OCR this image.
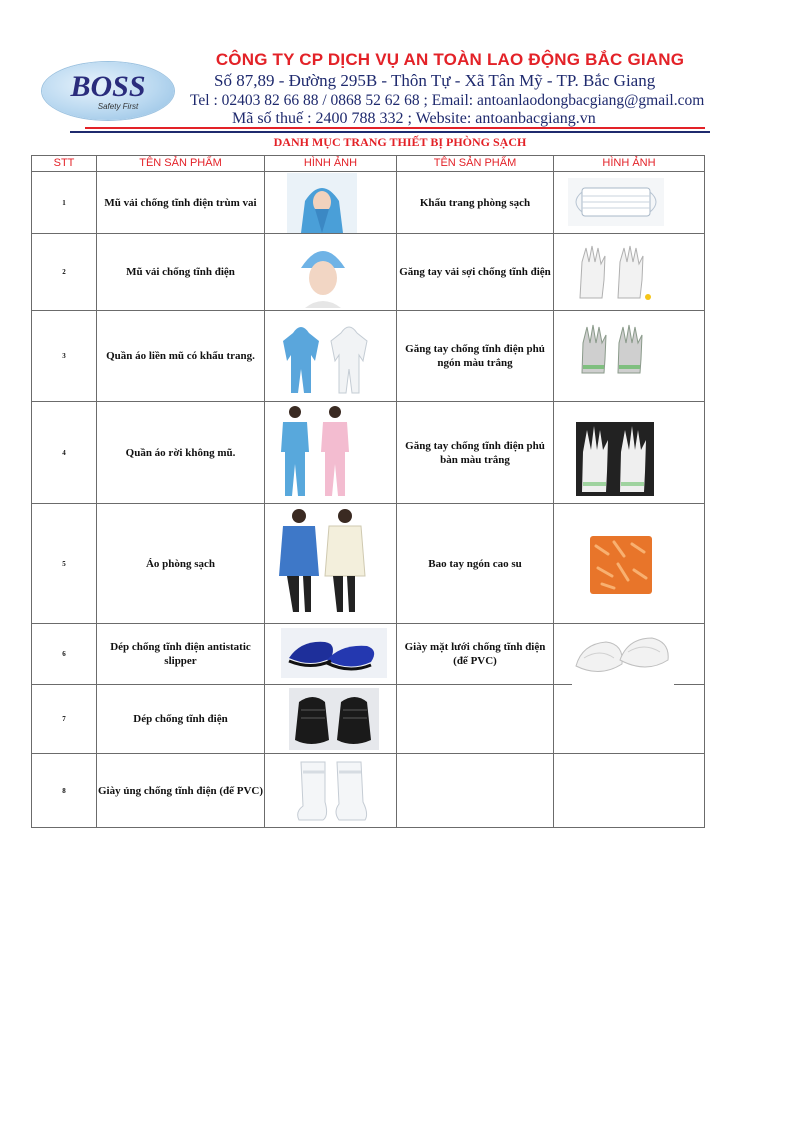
BOSS
Safety First
CÔNG TY CP DỊCH VỤ AN TOÀN LAO ĐỘNG BẮC GIANG
Số 87,89 - Đường 295B - Thôn Tự - Xã Tân Mỹ - TP. Bắc Giang
Tel : 02403 82 66 88 / 0868 52 62 68 ; Email: antoanlaodongbacgiang@gmail.com
Mã số thuế : 2400 788 332 ; Website: antoanbacgiang.vn
DANH MỤC TRANG THIẾT BỊ PHÒNG SẠCH
STT	TÊN SẢN PHẨM	HÌNH ẢNH	TÊN SẢN PHẨM	HÌNH ẢNH
1	Mũ vải chống tĩnh điện trùm vai		Khẩu trang phòng sạch	

2	Mũ vải chống tĩnh điện		Găng tay vải sợi chống tĩnh điện	

3	Quần áo liền mũ có khẩu trang.		Găng tay chống tĩnh điện phủ ngón màu trắng	

4	Quần áo rời không mũ.		Găng tay chống tĩnh điện phủ bàn màu trắng	

5	Áo phòng sạch		Bao tay ngón cao su	

6	Dép chống tĩnh điện antistatic slipper		Giày mặt lưới chống tĩnh điện (đế PVC)	

7	Dép chống tĩnh điện	

8	Giày ủng chống tĩnh điện (đế PVC)	
